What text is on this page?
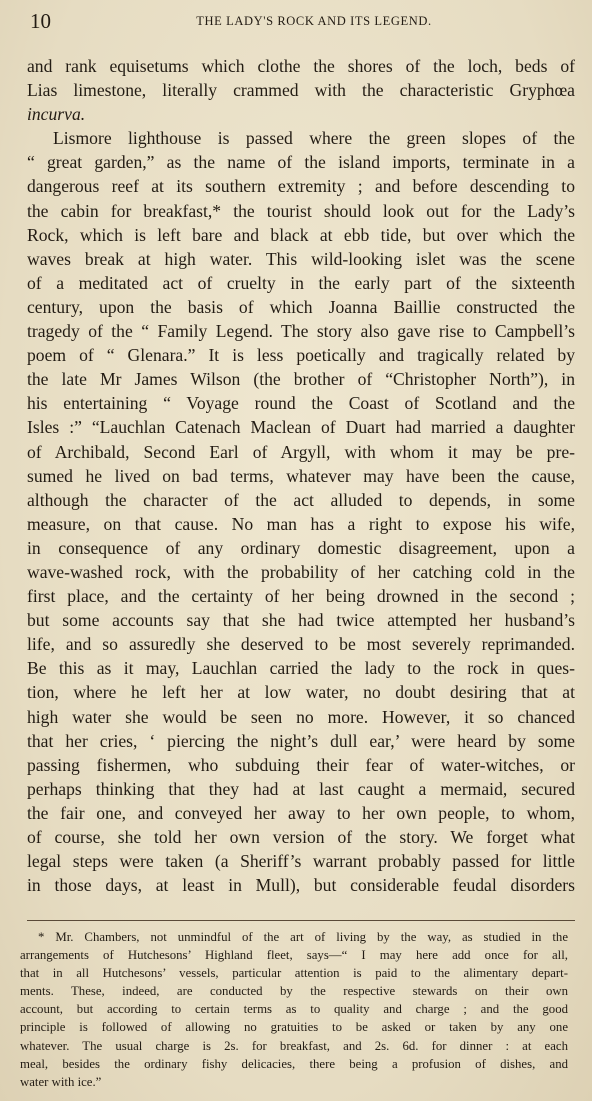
10	THE LADY'S ROCK AND ITS LEGEND.
and rank equisetums which clothe the shores of the loch, beds of
Lias limestone, literally crammed with the characteristic Gryphœa
incurva.
Lismore lighthouse is passed where the green slopes of the
“ great garden,” as the name of the island imports, terminate in a
dangerous reef at its southern extremity ; and before descending to
the cabin for breakfast,* the tourist should look out for the Lady’s
Rock, which is left bare and black at ebb tide, but over which the
waves break at high water. This wild-looking islet was the scene
of a meditated act of cruelty in the early part of the sixteenth
century, upon the basis of which Joanna Baillie constructed the
tragedy of the “ Family Legend. The story also gave rise to Campbell’s
poem of “ Glenara.” It is less poetically and tragically related by
the late Mr James Wilson (the brother of “Christopher North”), in
his entertaining “ Voyage round the Coast of Scotland and the
Isles :” “Lauchlan Catenach Maclean of Duart had married a daughter
of Archibald, Second Earl of Argyll, with whom it may be pre-
sumed he lived on bad terms, whatever may have been the cause,
although the character of the act alluded to depends, in some
measure, on that cause. No man has a right to expose his wife,
in consequence of any ordinary domestic disagreement, upon a
wave-washed rock, with the probability of her catching cold in the
first place, and the certainty of her being drowned in the second ;
but some accounts say that she had twice attempted her husband’s
life, and so assuredly she deserved to be most severely reprimanded.
Be this as it may, Lauchlan carried the lady to the rock in ques-
tion, where he left her at low water, no doubt desiring that at
high water she would be seen no more. However, it so chanced
that her cries, ‘ piercing the night’s dull ear,’ were heard by some
passing fishermen, who subduing their fear of water-witches, or
perhaps thinking that they had at last caught a mermaid, secured
the fair one, and conveyed her away to her own people, to whom,
of course, she told her own version of the story. We forget what
legal steps were taken (a Sheriff’s warrant probably passed for little
in those days, at least in Mull), but considerable feudal disorders
* Mr. Chambers, not unmindful of the art of living by the way, as studied in the
arrangements of Hutchesons’ Highland fleet, says—“ I may here add once for all,
that in all Hutchesons’ vessels, particular attention is paid to the alimentary depart-
ments. These, indeed, are conducted by the respective stewards on their own
account, but according to certain terms as to quality and charge ; and the good
principle is followed of allowing no gratuities to be asked or taken by any one
whatever. The usual charge is 2s. for breakfast, and 2s. 6d. for dinner : at each
meal, besides the ordinary fishy delicacies, there being a profusion of dishes, and
water with ice.”
